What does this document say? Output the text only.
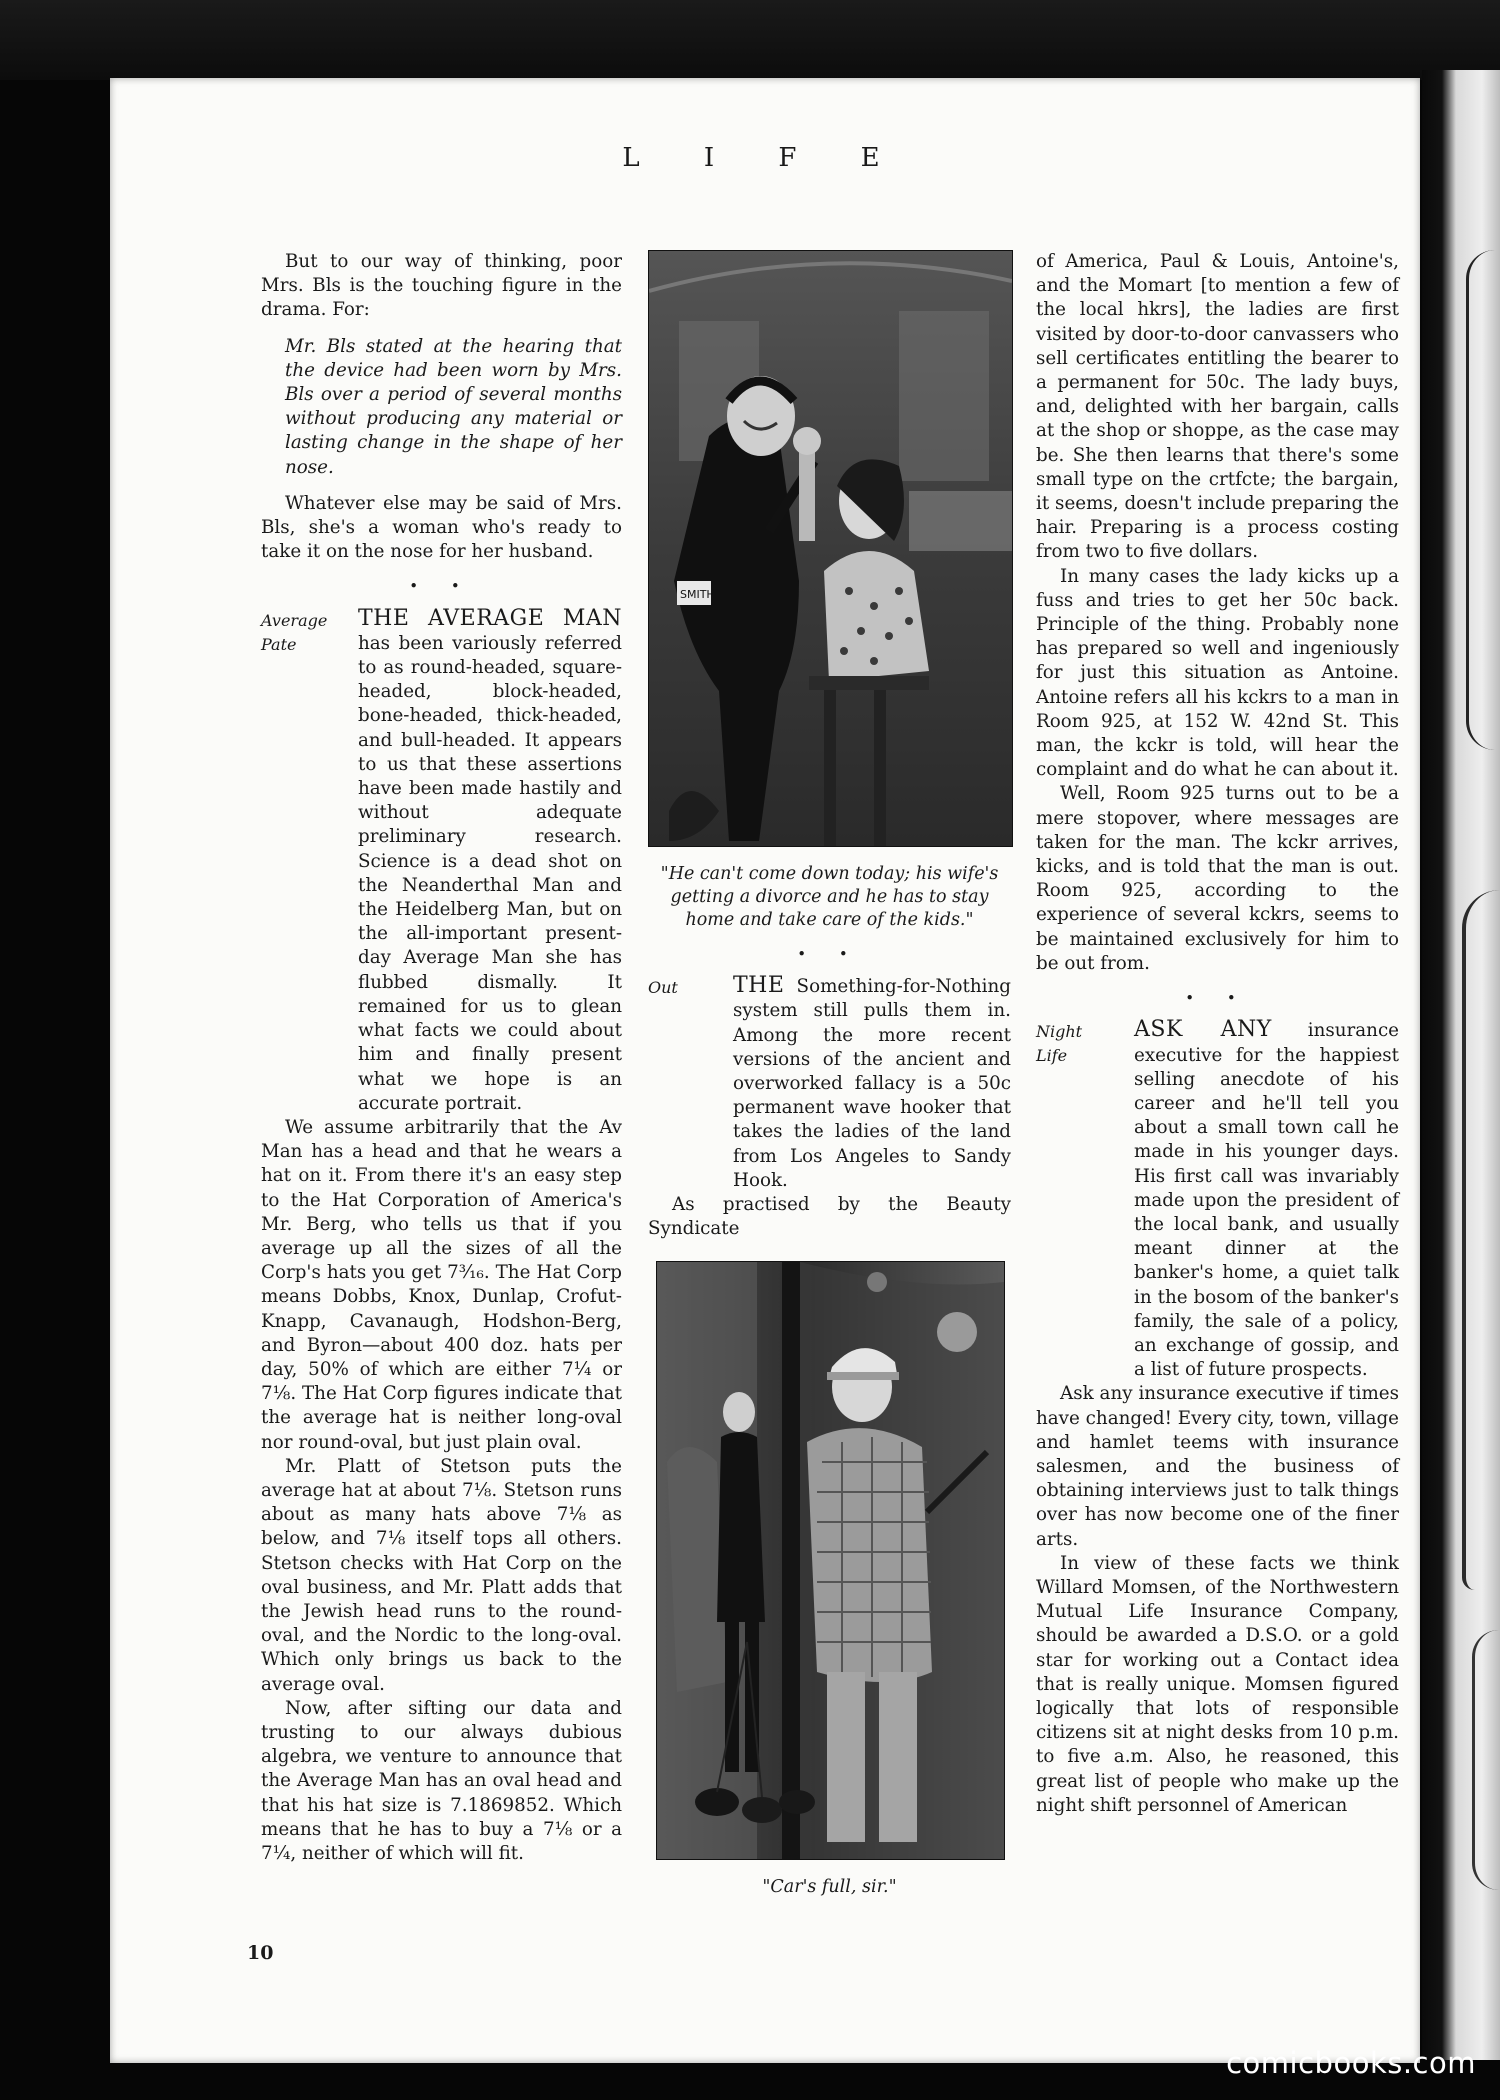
L I F E

But to our way of thinking, poor Mrs. Bls is the touching figure in the drama. For:

Mr. Bls stated at the hearing that the device had been worn by Mrs. Bls over a period of several months without producing any material or lasting change in the shape of her nose.

Whatever else may be said of Mrs. Bls, she's a woman who's ready to take it on the nose for her husband.

• •
Average
Pate

THE AVERAGE MAN has been variously referred to as round-headed, square-headed, block-headed, bone-headed, thick-headed, and bull-headed. It appears to us that these assertions have been made hastily and without adequate preliminary research. Science is a dead shot on the Neanderthal Man and the Heidelberg Man, but on the all-important present-day Average Man she has flubbed dismally. It remained for us to glean what facts we could about him and finally present what we hope is an accurate portrait.

We assume arbitrarily that the Av Man has a head and that he wears a hat on it. From there it's an easy step to the Hat Corporation of America's Mr. Berg, who tells us that if you average up all the sizes of all the Corp's hats you get 7³⁄₁₆. The Hat Corp means Dobbs, Knox, Dunlap, Crofut-Knapp, Cavanaugh, Hodshon-Berg, and Byron—about 400 doz. hats per day, 50% of which are either 7¼ or 7⅛. The Hat Corp figures indicate that the average hat is neither long-oval nor round-oval, but just plain oval.

Mr. Platt of Stetson puts the average hat at about 7⅛. Stetson runs about as many hats above 7⅛ as below, and 7⅛ itself tops all others. Stetson checks with Hat Corp on the oval business, and Mr. Platt adds that the Jewish head runs to the round-oval, and the Nordic to the long-oval. Which only brings us back to the average oval.

Now, after sifting our data and trusting to our always dubious algebra, we venture to announce that the Average Man has an oval head and that his hat size is 7.1869852. Which means that he has to buy a 7⅛ or a 7¼, neither of which will fit.

SMITH

"He can't come down today; his wife's getting a divorce and he has to stay home and take care of the kids."

• •
Out	THE Something-for-Nothing system still pulls them in. Among the more recent versions of the ancient and overworked fallacy is a 50c permanent wave hooker that takes the ladies of the land from Los Angeles to Sandy Hook.

As practised by the Beauty Syndicate

"Car's full, sir."

of America, Paul & Louis, Antoine's, and the Momart [to mention a few of the local hkrs], the ladies are first visited by door-to-door canvassers who sell certificates entitling the bearer to a permanent for 50c. The lady buys, and, delighted with her bargain, calls at the shop or shoppe, as the case may be. She then learns that there's some small type on the crtfcte; the bargain, it seems, doesn't include preparing the hair. Preparing is a process costing from two to five dollars.

In many cases the lady kicks up a fuss and tries to get her 50c back. Principle of the thing. Probably none has prepared so well and ingeniously for just this situation as Antoine. Antoine refers all his kckrs to a man in Room 925, at 152 W. 42nd St. This man, the kckr is told, will hear the complaint and do what he can about it.

Well, Room 925 turns out to be a mere stopover, where messages are taken for the man. The kckr arrives, kicks, and is told that the man is out. Room 925, according to the experience of several kckrs, seems to be maintained exclusively for him to be out from.

• •
Night
Life

ASK ANY insurance executive for the happiest selling anecdote of his career and he'll tell you about a small town call he made in his younger days. His first call was invariably made upon the president of the local bank, and usually meant dinner at the banker's home, a quiet talk in the bosom of the banker's family, the sale of a policy, an exchange of gossip, and a list of future prospects.

Ask any insurance executive if times have changed! Every city, town, village and hamlet teems with insurance salesmen, and the business of obtaining interviews just to talk things over has now become one of the finer arts.

In view of these facts we think Willard Momsen, of the Northwestern Mutual Life Insurance Company, should be awarded a D.S.O. or a gold star for working out a Contact idea that is really unique. Momsen figured logically that lots of responsible citizens sit at night desks from 10 p.m. to five a.m. Also, he reasoned, this great list of people who make up the night shift personnel of American

10
comicbooks.com
